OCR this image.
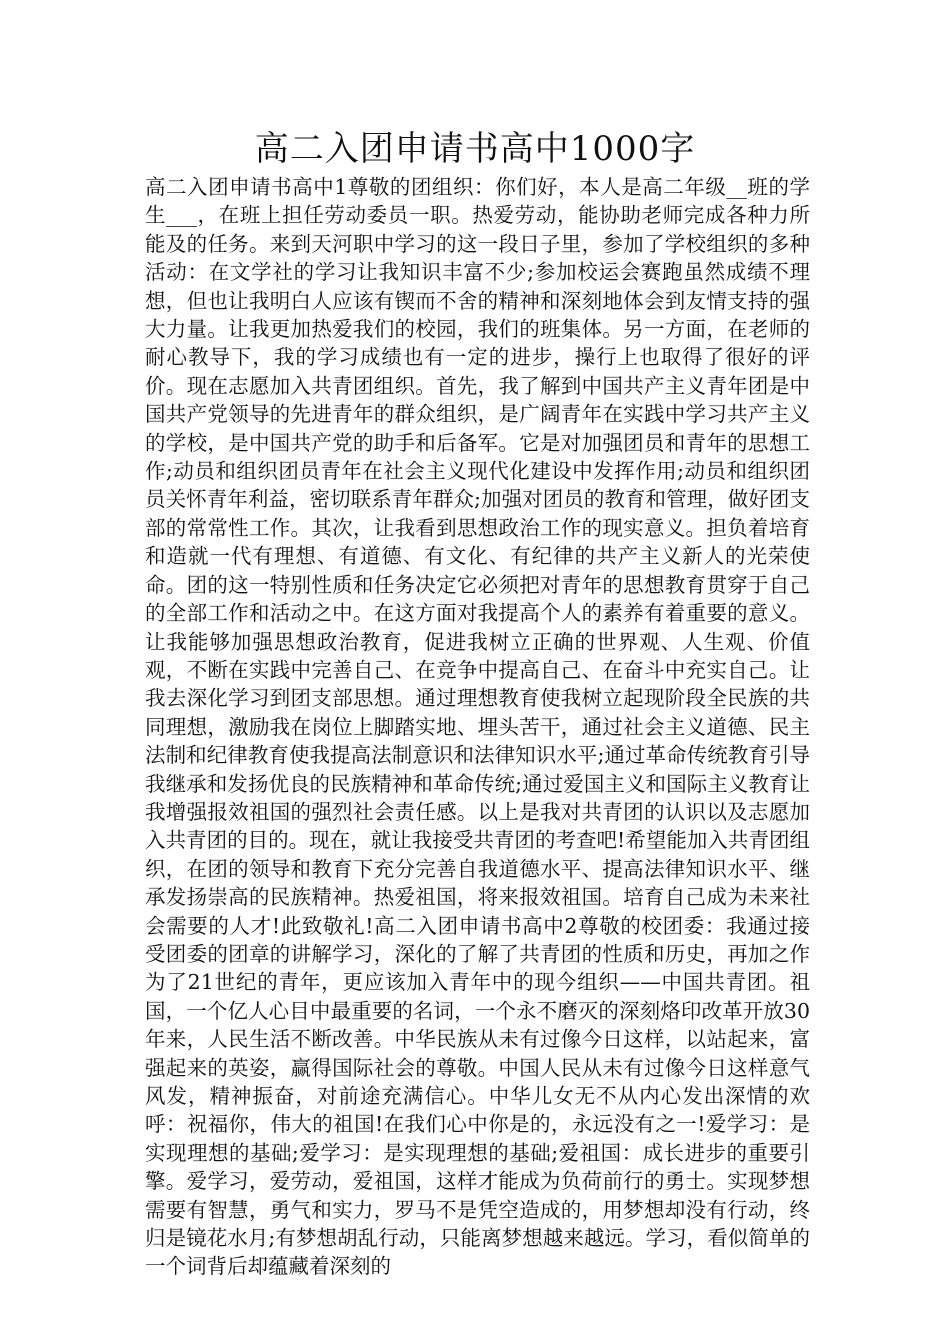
高二入团申请书高中1000字

高二入团申请书高中1尊敬的团组织：你们好，本人是高二年级__班的学生___，在班上担任劳动委员一职。热爱劳动，能协助老师完成各种力所能及的任务。来到天河职中学习的这一段日子里，参加了学校组织的多种活动：在文学社的学习让我知识丰富不少;参加校运会赛跑虽然成绩不理想，但也让我明白人应该有锲而不舍的精神和深刻地体会到友情支持的强大力量。让我更加热爱我们的校园，我们的班集体。另一方面，在老师的耐心教导下，我的学习成绩也有一定的进步，操行上也取得了很好的评价。现在志愿加入共青团组织。首先，我了解到中国共产主义青年团是中国共产党领导的先进青年的群众组织，是广阔青年在实践中学习共产主义的学校，是中国共产党的助手和后备军。它是对加强团员和青年的思想工作;动员和组织团员青年在社会主义现代化建设中发挥作用;动员和组织团员关怀青年利益，密切联系青年群众;加强对团员的教育和管理，做好团支部的常常性工作。其次，让我看到思想政治工作的现实意义。担负着培育和造就一代有理想、有道德、有文化、有纪律的共产主义新人的光荣使命。团的这一特别性质和任务决定它必须把对青年的思想教育贯穿于自己的全部工作和活动之中。在这方面对我提高个人的素养有着重要的意义。让我能够加强思想政治教育，促进我树立正确的世界观、人生观、价值观，不断在实践中完善自己、在竞争中提高自己、在奋斗中充实自己。让我去深化学习到团支部思想。通过理想教育使我树立起现阶段全民族的共同理想，激励我在岗位上脚踏实地、埋头苦干，通过社会主义道德、民主法制和纪律教育使我提高法制意识和法律知识水平;通过革命传统教育引导我继承和发扬优良的民族精神和革命传统;通过爱国主义和国际主义教育让我增强报效祖国的强烈社会责任感。以上是我对共青团的认识以及志愿加入共青团的目的。现在，就让我接受共青团的考查吧!希望能加入共青团组织，在团的领导和教育下充分完善自我道德水平、提高法律知识水平、继承发扬崇高的民族精神。热爱祖国，将来报效祖国。培育自己成为未来社会需要的人才!此致敬礼!高二入团申请书高中2尊敬的校团委：我通过接受团委的团章的讲解学习，深化的了解了共青团的性质和历史，再加之作为了21世纪的青年，更应该加入青年中的现今组织——中国共青团。祖国，一个亿人心目中最重要的名词，一个永不磨灭的深刻烙印改革开放30年来，人民生活不断改善。中华民族从未有过像今日这样，以站起来，富强起来的英姿，赢得国际社会的尊敬。中国人民从未有过像今日这样意气风发，精神振奋，对前途充满信心。中华儿女无不从内心发出深情的欢呼：祝福你，伟大的祖国!在我们心中你是的，永远没有之一!爱学习：是实现理想的基础;爱学习：是实现理想的基础;爱祖国：成长进步的重要引擎。爱学习，爱劳动，爱祖国，这样才能成为负荷前行的勇士。实现梦想需要有智慧，勇气和实力，罗马不是凭空造成的，用梦想却没有行动，终归是镜花水月;有梦想胡乱行动，只能离梦想越来越远。学习，看似简单的一个词背后却蕴藏着深刻的
